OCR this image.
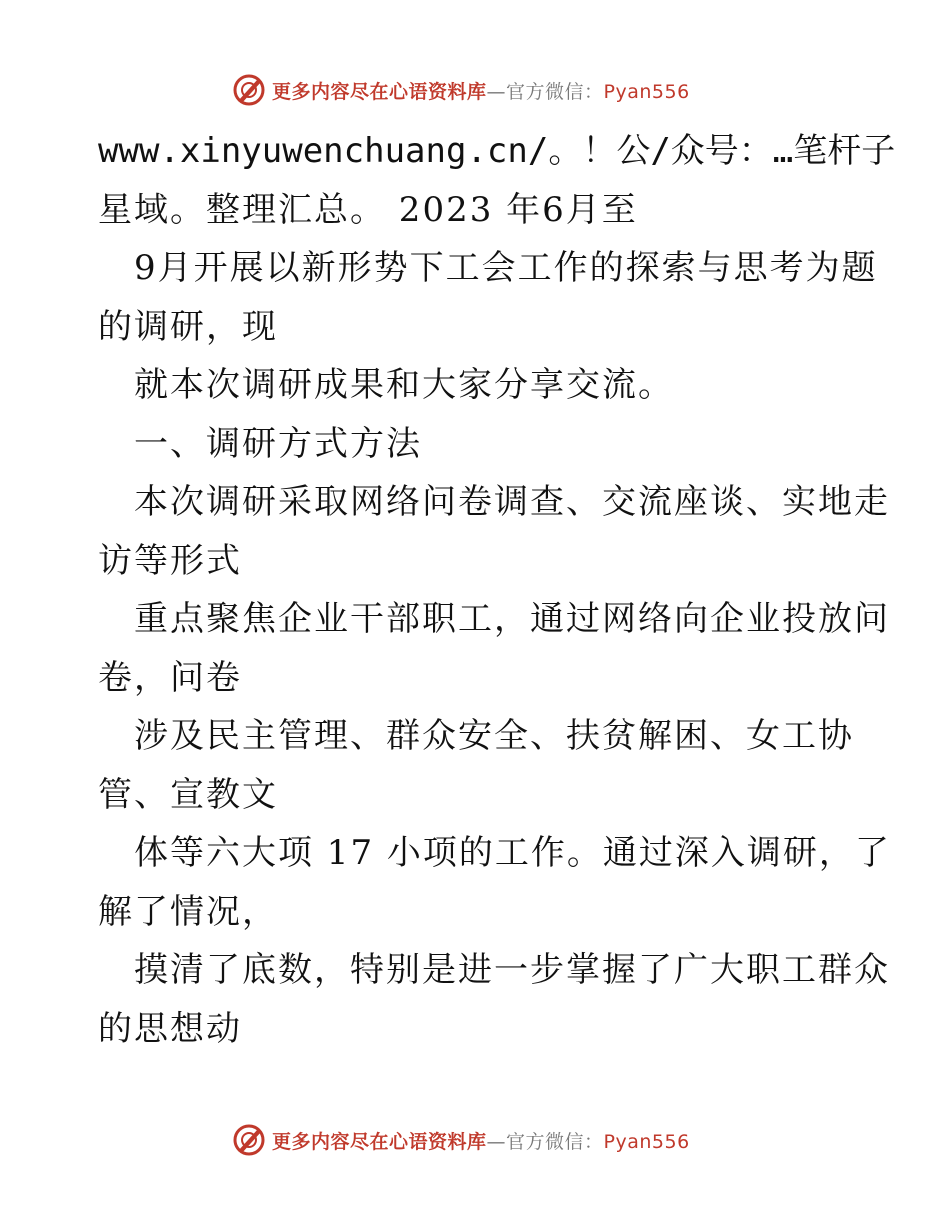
更多内容尽在心语资料库—官方微信：Pyan556
www.xinyuwenchuang.cn/。！公/众号：…笔杆子
星域。整理汇总。 2023 年6月至
9月开展以新形势下工会工作的探索与思考为题
的调研，现
就本次调研成果和大家分享交流。
一、调研方式方法
本次调研采取网络问卷调查、交流座谈、实地走
访等形式
重点聚焦企业干部职工，通过网络向企业投放问
卷，问卷
涉及民主管理、群众安全、扶贫解困、女工协
管、宣教文
体等六大项 17 小项的工作。通过深入调研，了
解了情况，
摸清了底数，特别是进一步掌握了广大职工群众
的思想动
更多内容尽在心语资料库—官方微信：Pyan556
